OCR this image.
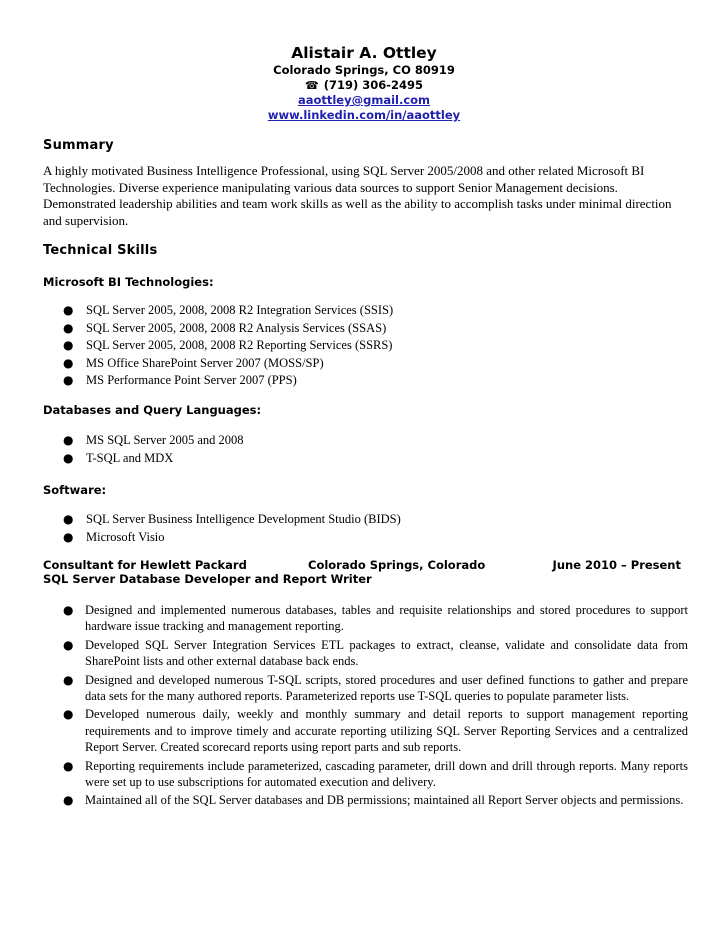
Alistair A. Ottley
Colorado Springs, CO 80919
☎ (719) 306-2495
aaottley@gmail.com
www.linkedin.com/in/aaottley
Summary
A highly motivated Business Intelligence Professional, using SQL Server 2005/2008 and other related Microsoft BI Technologies. Diverse experience manipulating various data sources to support Senior Management decisions. Demonstrated leadership abilities and team work skills as well as the ability to accomplish tasks under minimal direction and supervision.
Technical Skills
Microsoft BI Technologies:
● SQL Server 2005, 2008, 2008 R2 Integration Services (SSIS)
● SQL Server 2005, 2008, 2008 R2 Analysis Services (SSAS)
● SQL Server 2005, 2008, 2008 R2 Reporting Services (SSRS)
● MS Office SharePoint Server 2007 (MOSS/SP)
● MS Performance Point Server 2007 (PPS)
Databases and Query Languages:
● MS SQL Server 2005 and 2008
● T-SQL and MDX
Software:
● SQL Server Business Intelligence Development Studio (BIDS)
● Microsoft Visio
Consultant for Hewlett Packard	Colorado Springs, Colorado	June 2010 – Present
SQL Server Database Developer and Report Writer
● Designed and implemented numerous databases, tables and requisite relationships and stored procedures to support hardware issue tracking and management reporting.
● Developed SQL Server Integration Services ETL packages to extract, cleanse, validate and consolidate data from SharePoint lists and other external database back ends.
● Designed and developed numerous T-SQL scripts, stored procedures and user defined functions to gather and prepare data sets for the many authored reports. Parameterized reports use T-SQL queries to populate parameter lists.
● Developed numerous daily, weekly and monthly summary and detail reports to support management reporting requirements and to improve timely and accurate reporting utilizing SQL Server Reporting Services and a centralized Report Server. Created scorecard reports using report parts and sub reports.
● Reporting requirements include parameterized, cascading parameter, drill down and drill through reports. Many reports were set up to use subscriptions for automated execution and delivery.
● Maintained all of the SQL Server databases and DB permissions; maintained all Report Server objects and permissions.
